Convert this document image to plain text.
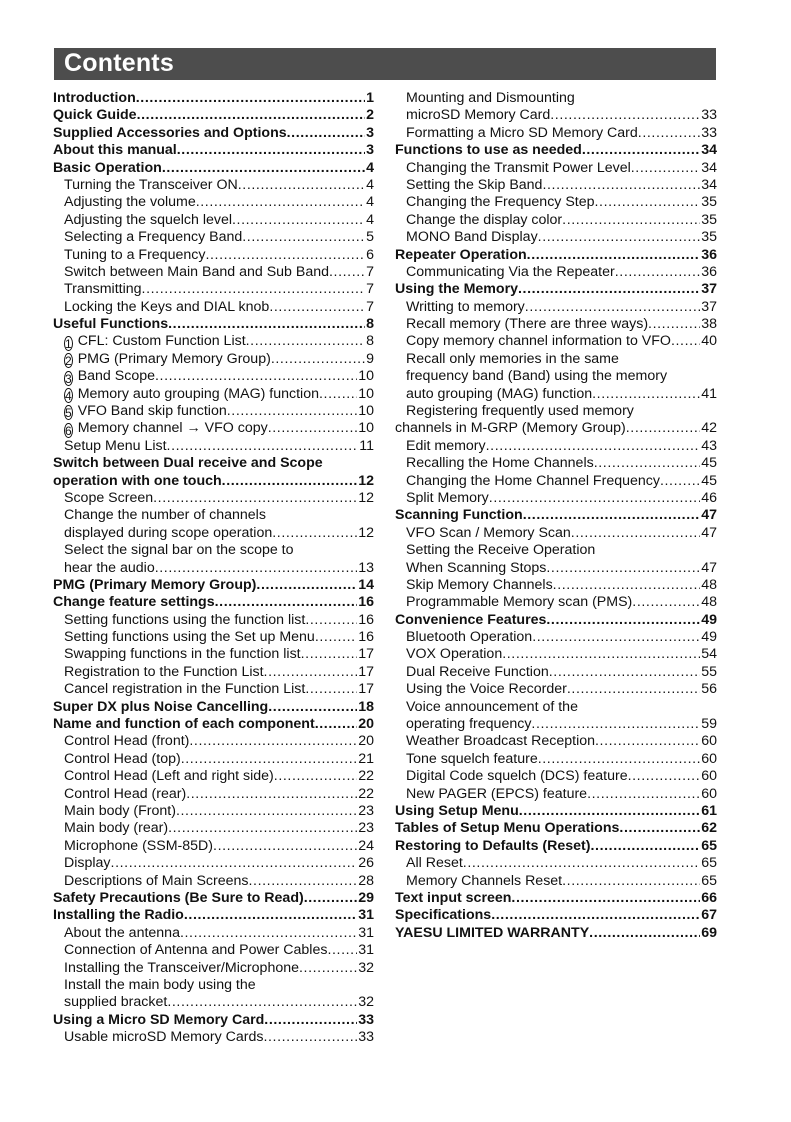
Contents
Introduction .....	1
Quick Guide .....	2
Supplied Accessories and Options .....	3
About this manual .....	3
Basic Operation .....	4
Turning the Transceiver ON .....	4
Adjusting the volume .....	4
Adjusting the squelch level .....	4
Selecting a Frequency Band .....	5
Tuning to a Frequency .....	6
Switch between Main Band and Sub Band .....	7
Transmitting .....	7
Locking the Keys and DIAL knob .....	7
Useful Functions .....	8
1 CFL: Custom Function List .....	8
2 PMG (Primary Memory Group) .....	9
3 Band Scope .....	10
4 Memory auto grouping (MAG) function .....	10
5 VFO Band skip function .....	10
6 Memory channel → VFO copy .....	10
Setup Menu List .....	11
Switch between Dual receive and Scope
operation with one touch .....	12
Scope Screen .....	12
Change the number of channels
displayed during scope operation .....	12
Select the signal bar on the scope to
hear the audio .....	13
PMG (Primary Memory Group) .....	14
Change feature settings .....	16
Setting functions using the function list .....	16
Setting functions using the Set up Menu .....	16
Swapping functions in the function list .....	17
Registration to the Function List .....	17
Cancel registration in the Function List .....	17
Super DX plus Noise Cancelling .....	18
Name and function of each component .....	20
Control Head (front) .....	20
Control Head (top) .....	21
Control Head (Left and right side) .....	22
Control Head (rear) .....	22
Main body (Front) .....	23
Main body (rear) .....	23
Microphone (SSM-85D) .....	24
Display .....	26
Descriptions of Main Screens .....	28
Safety Precautions (Be Sure to Read) .....	29
Installing the Radio .....	31
About the antenna .....	31
Connection of Antenna and Power Cables ..... 31
Installing the Transceiver/Microphone .....	32
Install the main body using the
supplied bracket .....	32
Using a Micro SD Memory Card .....	33
Usable microSD Memory Cards .....	33
Mounting and Dismounting
microSD Memory Card .....	33
Formatting a Micro SD Memory Card .....	33
Functions to use as needed .....	34
Changing the Transmit Power Level .....	34
Setting the Skip Band .....	34
Changing the Frequency Step .....	35
Change the display color .....	35
MONO Band Display .....	35
Repeater Operation .....	36
Communicating Via the Repeater .....	36
Using the Memory .....	37
Writting to memory .....	37
Recall memory (There are three ways) .....	38
Copy memory channel information to VFO ..... 40
Recall only memories in the same
frequency band (Band) using the memory
auto grouping (MAG) function .....	41
Registering frequently used memory
channels in M-GRP (Memory Group) .....	42
Edit memory .....	43
Recalling the Home Channels .....	45
Changing the Home Channel Frequency .....	45
Split Memory .....	46
Scanning Function .....	47
VFO Scan / Memory Scan .....	47
Setting the Receive Operation
When Scanning Stops .....	47
Skip Memory Channels .....	48
Programmable Memory scan (PMS) .....	48
Convenience Features .....	49
Bluetooth Operation .....	49
VOX Operation .....	54
Dual Receive Function .....	55
Using the Voice Recorder .....	56
Voice announcement of the
operating frequency .....	59
Weather Broadcast Reception .....	60
Tone squelch feature .....	60
Digital Code squelch (DCS) feature .....	60
New PAGER (EPCS) feature .....	60
Using Setup Menu .....	61
Tables of Setup Menu Operations .....	62
Restoring to Defaults (Reset) .....	65
All Reset .....	65
Memory Channels Reset .....	65
Text input screen .....	66
Specifications .....	67
YAESU LIMITED WARRANTY .....	69
